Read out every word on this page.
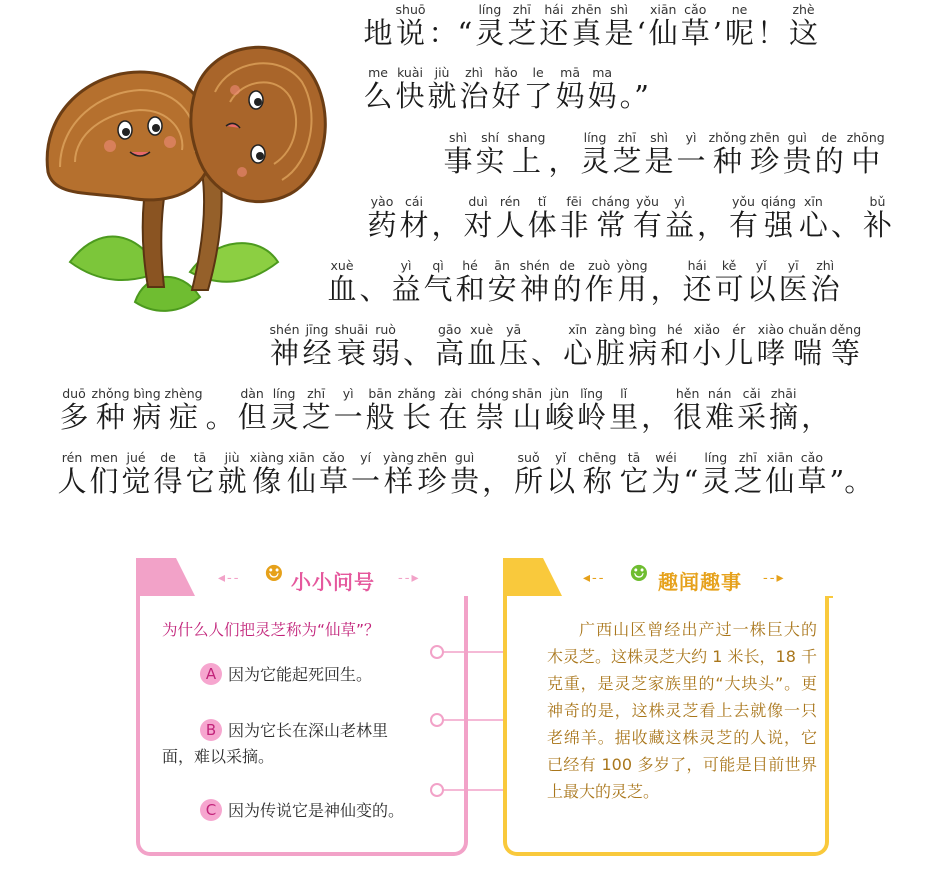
地 说shuō
：“ 灵líng
芝zhī
还hái
真zhēn
是shì
‘ 仙xiān
草cǎo
’ 呢ne
！ 这zhè
么me
快kuài
就jiù
治zhì
好hǎo
了le
妈mā
妈ma
。”
事shì
实shí
上shang
， 灵líng
芝zhī
是shì
一yì
种zhǒng
珍zhēn
贵guì
的de
中zhōng
药yào
材cái
， 对duì
人rén
体tǐ
非fēi
常cháng
有yǒu
益yì
， 有yǒu
强qiáng
心xīn
、 补bǔ
血xuè
、 益yì
气qì
和hé
安ān
神shén
的de
作zuò
用yòng
， 还hái
可kě
以yǐ
医yī
治zhì
神shén
经jīng
衰shuāi
弱ruò
、 高gāo
血xuè
压yā
、 心xīn
脏zàng
病bìng
和hé
小xiǎo
儿ér
哮xiào
喘chuǎn
等děng
多duō
种zhǒng
病bìng
症zhèng
。 但dàn
灵líng
芝zhī
一yì
般bān
长zhǎng
在zài
崇chóng
山shān
峻jùn
岭lǐng
里lǐ
， 很hěn
难nán
采cǎi
摘zhāi
，
人rén
们men
觉jué
得de
它tā
就jiù
像xiàng
仙xiān
草cǎo
一yí
样yàng
珍zhēn
贵guì
， 所suǒ
以yǐ
称chēng
它tā
为wéi
“ 灵líng
芝zhī
仙xiān
草cǎo
”。
◂‑‑ ☻ 小小问号 ‑‑▸
为什么人们把灵芝称为“仙草”？
A 因为它能起死回生。
B 因为它长在深山老林里
面，难以采摘。
C 因为传说它是神仙变的。
◂‑‑ ☻ 趣闻趣事 ‑‑▸
广西山区曾经出产过一株巨大的木灵芝。这株灵芝大约 1 米长，18 千克重，是灵芝家族里的“大块头”。更神奇的是，这株灵芝看上去就像一只老绵羊。据收藏这株灵芝的人说，它已经有 100 多岁了，可能是目前世界上最大的灵芝。
